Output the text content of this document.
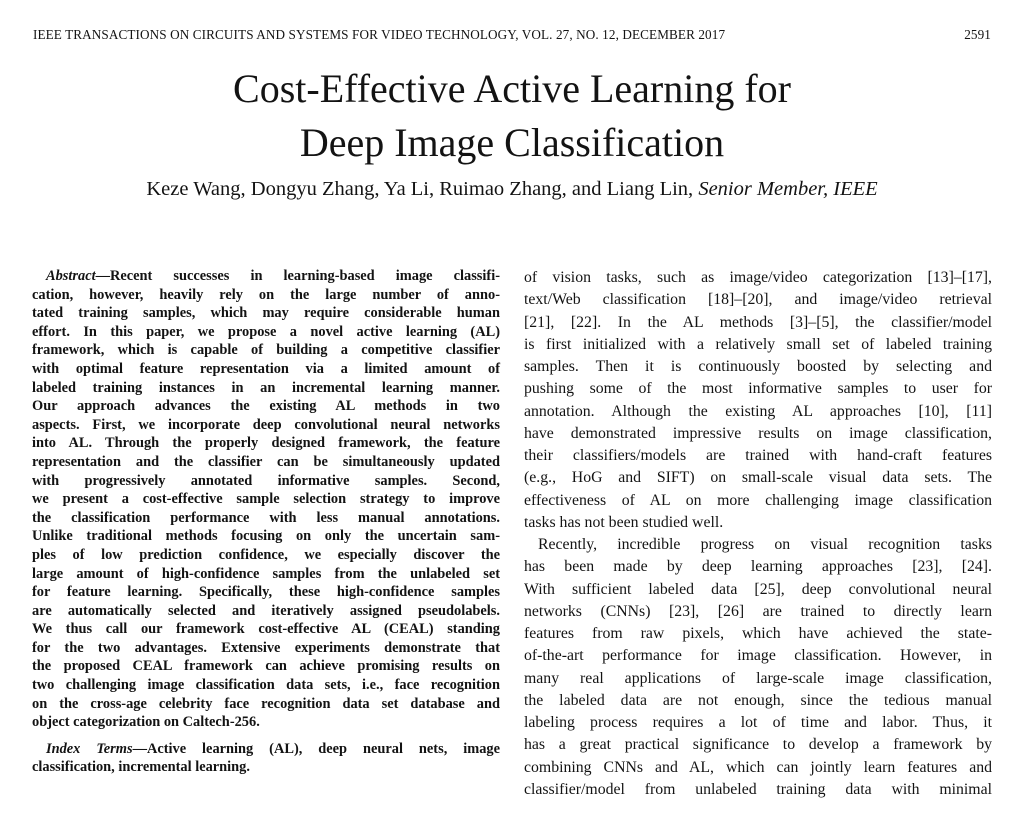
IEEE TRANSACTIONS ON CIRCUITS AND SYSTEMS FOR VIDEO TECHNOLOGY, VOL. 27, NO. 12, DECEMBER 2017	2591
Cost-Effective Active Learning for
Deep Image Classification
Keze Wang, Dongyu Zhang, Ya Li, Ruimao Zhang, and Liang Lin, Senior Member, IEEE
Abstract—Recent successes in learning-based image classifi-
cation, however, heavily rely on the large number of anno-
tated training samples, which may require considerable human
effort. In this paper, we propose a novel active learning (AL)
framework, which is capable of building a competitive classifier
with optimal feature representation via a limited amount of
labeled training instances in an incremental learning manner.
Our approach advances the existing AL methods in two
aspects. First, we incorporate deep convolutional neural networks
into AL. Through the properly designed framework, the feature
representation and the classifier can be simultaneously updated
with progressively annotated informative samples. Second,
we present a cost-effective sample selection strategy to improve
the classification performance with less manual annotations.
Unlike traditional methods focusing on only the uncertain sam-
ples of low prediction confidence, we especially discover the
large amount of high-confidence samples from the unlabeled set
for feature learning. Specifically, these high-confidence samples
are automatically selected and iteratively assigned pseudolabels.
We thus call our framework cost-effective AL (CEAL) standing
for the two advantages. Extensive experiments demonstrate that
the proposed CEAL framework can achieve promising results on
two challenging image classification data sets, i.e., face recognition
on the cross-age celebrity face recognition data set database and
object categorization on Caltech-256.
Index Terms—Active learning (AL), deep neural nets, image
classification, incremental learning.
of vision tasks, such as image/video categorization [13]–[17],
text/Web classification [18]–[20], and image/video retrieval
[21], [22]. In the AL methods [3]–[5], the classifier/model
is first initialized with a relatively small set of labeled training
samples. Then it is continuously boosted by selecting and
pushing some of the most informative samples to user for
annotation. Although the existing AL approaches [10], [11]
have demonstrated impressive results on image classification,
their classifiers/models are trained with hand-craft features
(e.g., HoG and SIFT) on small-scale visual data sets. The
effectiveness of AL on more challenging image classification
tasks has not been studied well.
Recently, incredible progress on visual recognition tasks
has been made by deep learning approaches [23], [24].
With sufficient labeled data [25], deep convolutional neural
networks (CNNs) [23], [26] are trained to directly learn
features from raw pixels, which have achieved the state-
of-the-art performance for image classification. However, in
many real applications of large-scale image classification,
the labeled data are not enough, since the tedious manual
labeling process requires a lot of time and labor. Thus, it
has a great practical significance to develop a framework by
combining CNNs and AL, which can jointly learn features and
classifier/model from unlabeled training data with minimal
